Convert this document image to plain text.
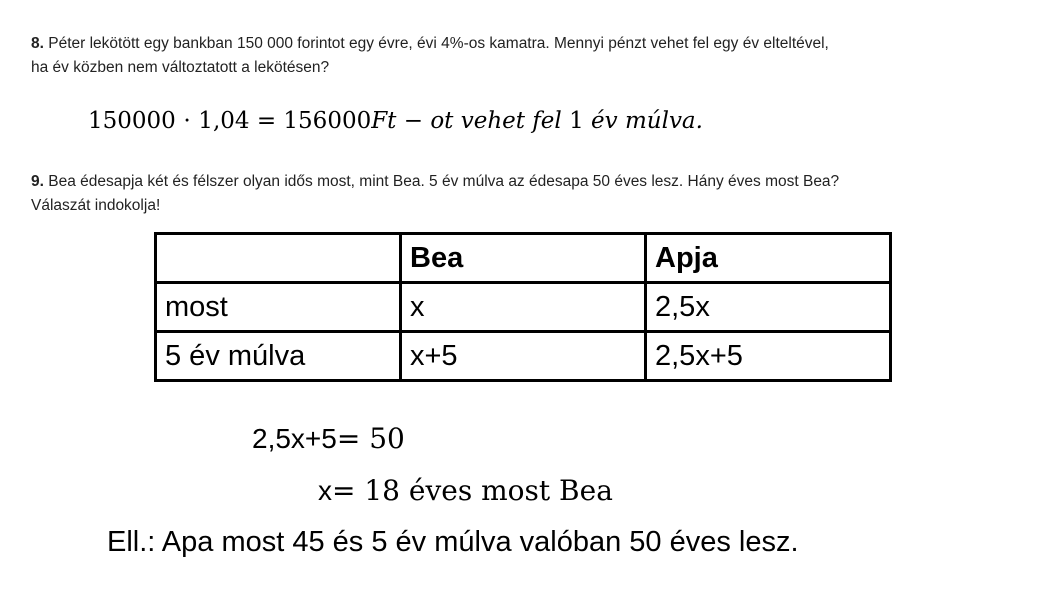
8. Péter lekötött egy bankban 150 000 forintot egy évre, évi 4%-os kamatra. Mennyi pénzt vehet fel egy év elteltével,
ha év közben nem változtatott a lekötésen?
150000 ⋅ 1,04 = 156000Ft − ot vehet fel 1 év múlva.
9. Bea édesapja két és félszer olyan idős most, mint Bea. 5 év múlva az édesapa 50 éves lesz. Hány éves most Bea?
Válaszát indokolja!
	Bea	Apja
most	x	2,5x
5 év múlva	x+5	2,5x+5
2,5x+5= 50
x= 18 éves most Bea
Ell.: Apa most 45 és 5 év múlva valóban 50 éves lesz.
